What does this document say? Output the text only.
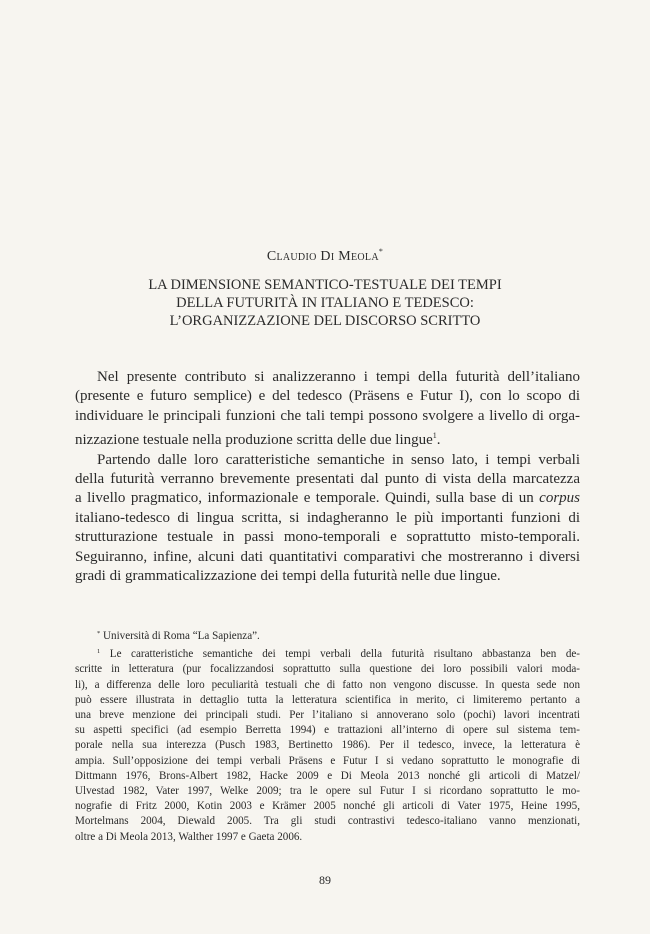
Claudio Di Meola*
LA DIMENSIONE SEMANTICO-TESTUALE DEI TEMPI
DELLA FUTURITÀ IN ITALIANO E TEDESCO:
L’ORGANIZZAZIONE DEL DISCORSO SCRITTO
Nel presente contributo si analizzeranno i tempi della futurità dell’italiano
(presente e futuro semplice) e del tedesco (Präsens e Futur I), con lo scopo di
individuare le principali funzioni che tali tempi possono svolgere a livello di orga-
nizzazione testuale nella produzione scritta delle due lingue$^1$.
Partendo dalle loro caratteristiche semantiche in senso lato, i tempi verbali
della futurità verranno brevemente presentati dal punto di vista della marcatezza
a livello pragmatico, informazionale e temporale. Quindi, sulla base di un corpus
italiano-tedesco di lingua scritta, si indagheranno le più importanti funzioni di
strutturazione testuale in passi mono-temporali e soprattutto misto-temporali.
Seguiranno, infine, alcuni dati quantitativi comparativi che mostreranno i diversi
gradi di grammaticalizzazione dei tempi della futurità nelle due lingue.
* Università di Roma “La Sapienza”.
$^1$ Le caratteristiche semantiche dei tempi verbali della futurità risultano abbastanza ben de-
scritte in letteratura (pur focalizzandosi soprattutto sulla questione dei loro possibili valori moda-
li), a differenza delle loro peculiarità testuali che di fatto non vengono discusse. In questa sede non
può essere illustrata in dettaglio tutta la letteratura scientifica in merito, ci limiteremo pertanto a
una breve menzione dei principali studi. Per l’italiano si annoverano solo (pochi) lavori incentrati
su aspetti specifici (ad esempio Berretta 1994) e trattazioni all’interno di opere sul sistema tem-
porale nella sua interezza (Pusch 1983, Bertinetto 1986). Per il tedesco, invece, la letteratura è
ampia. Sull’opposizione dei tempi verbali Präsens e Futur I si vedano soprattutto le monografie di
Dittmann 1976, Brons-Albert 1982, Hacke 2009 e Di Meola 2013 nonché gli articoli di Matzel/
Ulvestad 1982, Vater 1997, Welke 2009; tra le opere sul Futur I si ricordano soprattutto le mo-
nografie di Fritz 2000, Kotin 2003 e Krämer 2005 nonché gli articoli di Vater 1975, Heine 1995,
Mortelmans 2004, Diewald 2005. Tra gli studi contrastivi tedesco-italiano vanno menzionati,
oltre a Di Meola 2013, Walther 1997 e Gaeta 2006.
89
